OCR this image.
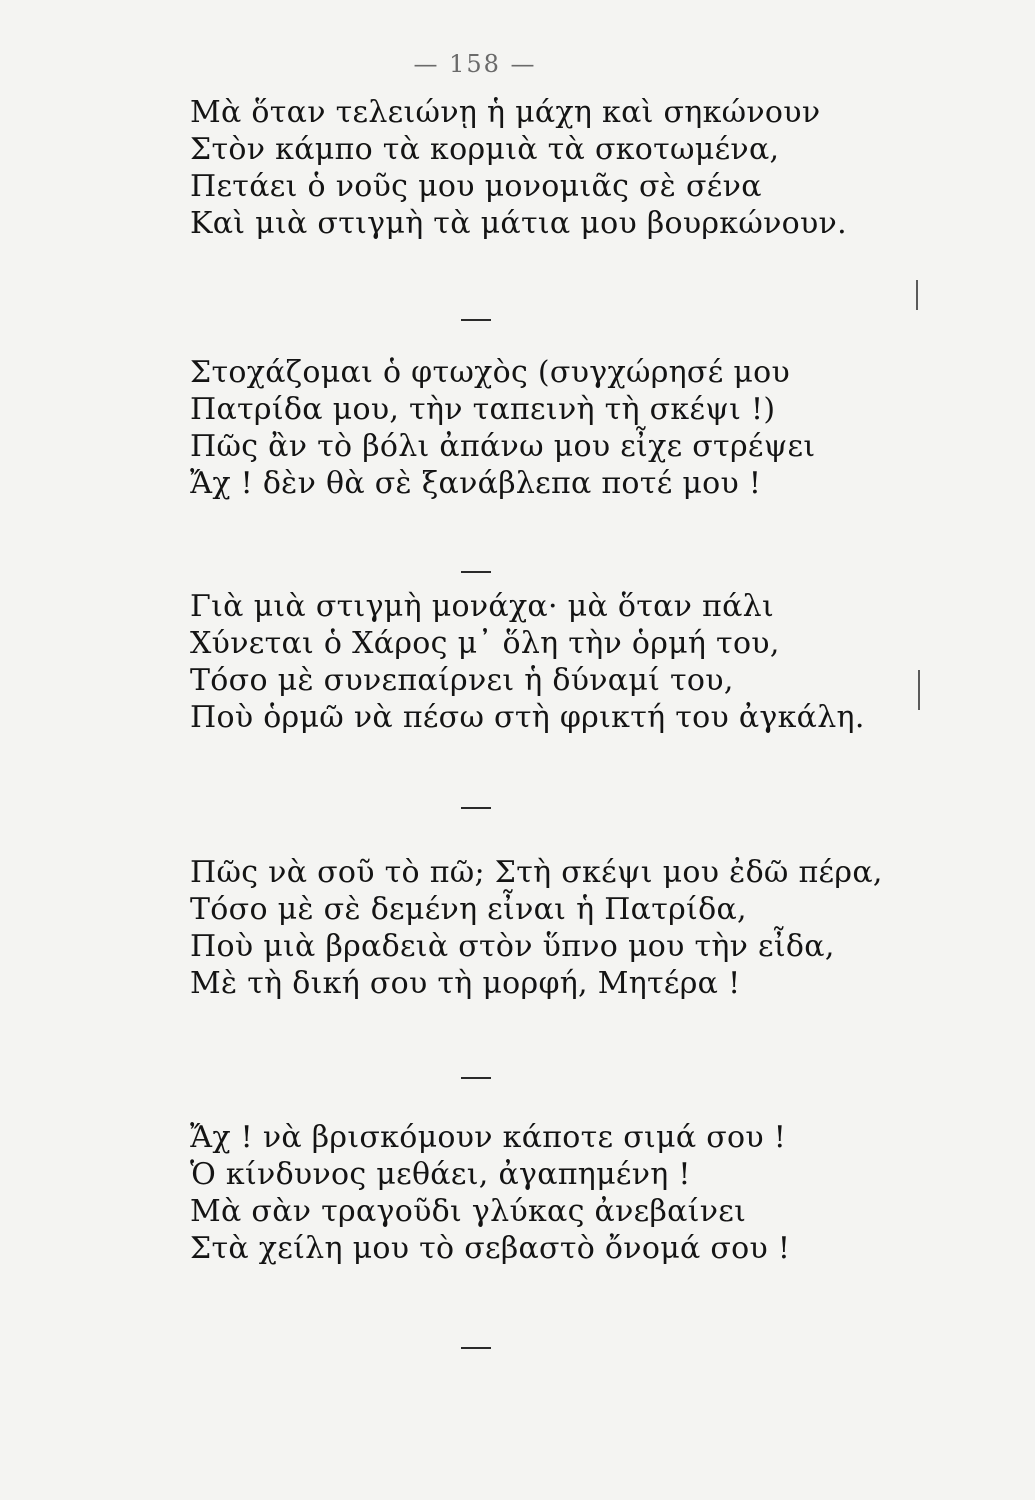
— 158 —
Μὰ ὅταν τελειώνῃ ἡ μάχη καὶ σηκώνουν
Στὸν κάμπο τὰ κορμιὰ τὰ σκοτωμένα,
Πετάει ὁ νοῦς μου μονομιᾶς σὲ σένα
Καὶ μιὰ στιγμὴ τὰ μάτια μου βουρκώνουν.
Στοχάζομαι ὁ φτωχὸς (συγχώρησέ μου
Πατρίδα μου, τὴν ταπεινὴ τὴ σκέψι !)
Πῶς ἂν τὸ βόλι ἀπάνω μου εἶχε στρέψει
Ἄχ ! δὲν θὰ σὲ ξανάβλεπα ποτέ μου !
Γιὰ μιὰ στιγμὴ μονάχα· μὰ ὅταν πάλι
Χύνεται ὁ Χάρος μ᾽ ὅλη τὴν ὁρμή του,
Τόσο μὲ συνεπαίρνει ἡ δύναμί του,
Ποὺ ὁρμῶ νὰ πέσω στὴ φρικτή του ἀγκάλη.
Πῶς νὰ σοῦ τὸ πῶ; Στὴ σκέψι μου ἐδῶ πέρα,
Τόσο μὲ σὲ δεμένη εἶναι ἡ Πατρίδα,
Ποὺ μιὰ βραδειὰ στὸν ὕπνο μου τὴν εἶδα,
Μὲ τὴ δική σου τὴ μορφή, Μητέρα !
Ἄχ ! νὰ βρισκόμουν κάποτε σιμά σου !
Ὁ κίνδυνος μεθάει, ἀγαπημένη !
Μὰ σὰν τραγοῦδι γλύκας ἀνεβαίνει
Στὰ χείλη μου τὸ σεβαστὸ ὄνομά σου !
